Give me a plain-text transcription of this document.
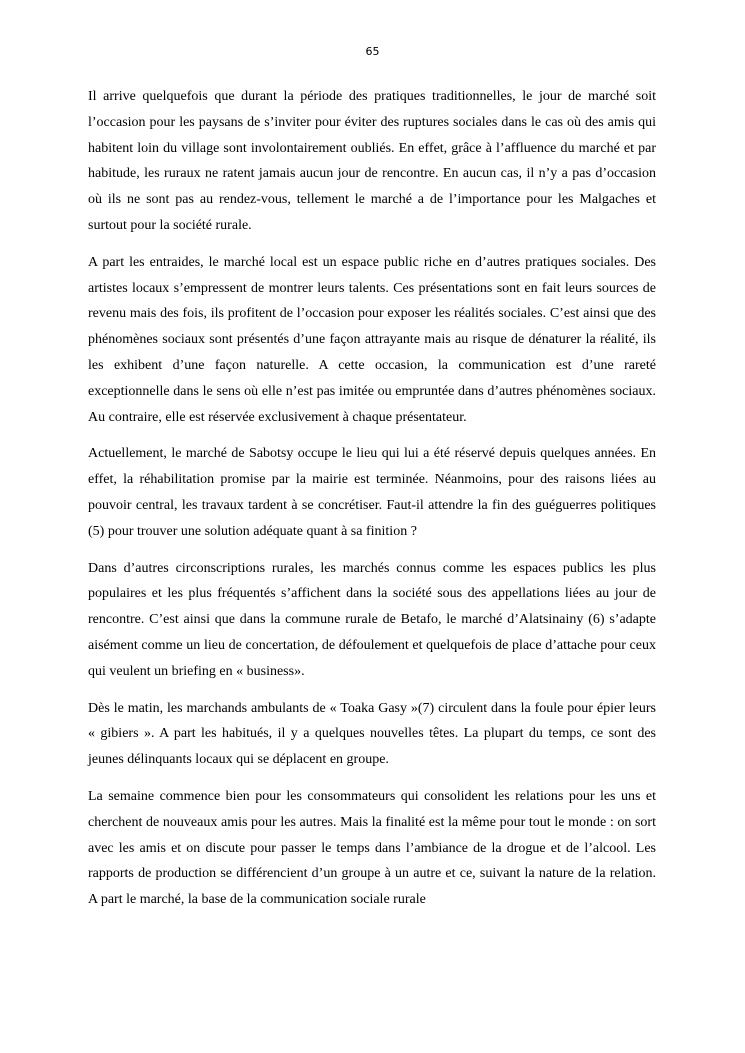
65

Il arrive quelquefois que durant la période des pratiques traditionnelles, le jour de marché soit l’occasion pour les paysans de s’inviter pour éviter des ruptures sociales dans le cas où des amis qui habitent loin du village sont involontairement oubliés. En effet, grâce à l’affluence du marché et par habitude, les ruraux ne ratent jamais aucun jour de rencontre. En aucun cas, il n’y a pas d’occasion où ils ne sont pas au rendez-vous, tellement le marché a de l’importance pour les Malgaches et surtout pour la société rurale.

A part les entraides, le marché local est un espace public riche en d’autres pratiques sociales. Des artistes locaux s’empressent de montrer leurs talents. Ces présentations sont en fait leurs sources de revenu mais des fois, ils profitent de l’occasion pour exposer les réalités sociales. C’est ainsi que des phénomènes sociaux sont présentés d’une façon attrayante mais au risque de dénaturer la réalité, ils les exhibent d’une façon naturelle. A cette occasion, la communication est d’une rareté exceptionnelle dans le sens où elle n’est pas imitée ou empruntée dans d’autres phénomènes sociaux. Au contraire, elle est réservée exclusivement à chaque présentateur.

Actuellement, le marché de Sabotsy occupe le lieu qui lui a été réservé depuis quelques années. En effet, la réhabilitation promise par la mairie est terminée. Néanmoins, pour des raisons liées au pouvoir central, les travaux tardent à se concrétiser. Faut-il attendre la fin des guéguerres politiques (5) pour trouver une solution adéquate quant à sa finition ?

Dans d’autres circonscriptions rurales, les marchés connus comme les espaces publics les plus populaires et les plus fréquentés s’affichent dans la société sous des appellations liées au jour de rencontre. C’est ainsi que dans la commune rurale de Betafo, le marché d’Alatsinainy (6) s’adapte aisément comme un lieu de concertation, de défoulement et quelquefois de place d’attache pour ceux qui veulent un briefing en « business».

Dès le matin, les marchands ambulants de « Toaka Gasy »(7) circulent dans la foule pour épier leurs « gibiers ». A part les habitués, il y a quelques nouvelles têtes. La plupart du temps, ce sont des jeunes délinquants locaux qui se déplacent en groupe.

La semaine commence bien pour les consommateurs qui consolident les relations pour les uns et cherchent de nouveaux amis pour les autres. Mais la finalité est la même pour tout le monde : on sort avec les amis et on discute pour passer le temps dans l’ambiance de la drogue et de l’alcool. Les rapports de production se différencient d’un groupe à un autre et ce, suivant la nature de la relation. A part le marché, la base de la communication sociale rurale
